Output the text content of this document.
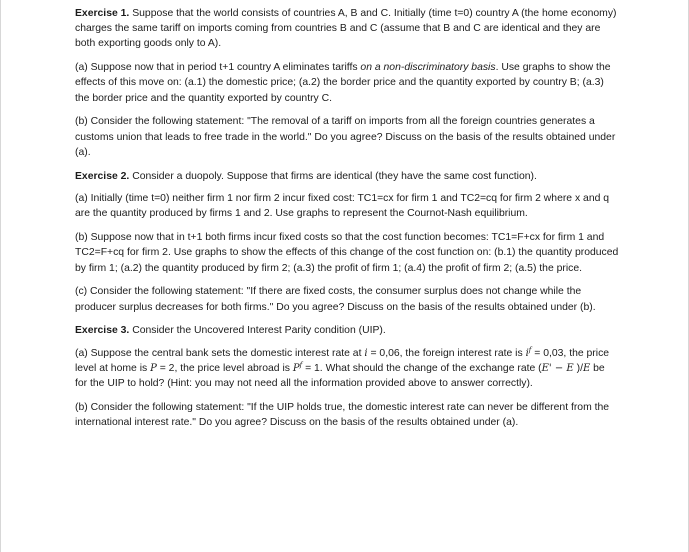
Exercise 1. Suppose that the world consists of countries A, B and C. Initially (time t=0) country A (the home economy) charges the same tariff on imports coming from countries B and C (assume that B and C are identical and they are both exporting goods only to A).

(a) Suppose now that in period t+1 country A eliminates tariffs on a non-discriminatory basis. Use graphs to show the effects of this move on: (a.1) the domestic price; (a.2) the border price and the quantity exported by country B; (a.3) the border price and the quantity exported by country C.

(b) Consider the following statement: "The removal of a tariff on imports from all the foreign countries generates a customs union that leads to free trade in the world." Do you agree? Discuss on the basis of the results obtained under (a).

Exercise 2. Consider a duopoly. Suppose that firms are identical (they have the same cost function).

(a) Initially (time t=0) neither firm 1 nor firm 2 incur fixed cost: TC1=cx for firm 1 and TC2=cq for firm 2 where x and q are the quantity produced by firms 1 and 2. Use graphs to represent the Cournot-Nash equilibrium.

(b) Suppose now that in t+1 both firms incur fixed costs so that the cost function becomes: TC1=F+cx for firm 1 and TC2=F+cq for firm 2. Use graphs to show the effects of this change of the cost function on: (b.1) the quantity produced by firm 1; (a.2) the quantity produced by firm 2; (a.3) the profit of firm 1; (a.4) the profit of firm 2; (a.5) the price.

(c) Consider the following statement: "If there are fixed costs, the consumer surplus does not change while the producer surplus decreases for both firms." Do you agree? Discuss on the basis of the results obtained under (b).

Exercise 3. Consider the Uncovered Interest Parity condition (UIP).

(a) Suppose the central bank sets the domestic interest rate at i = 0,06, the foreign interest rate is $i^f = 0,03$, the price level at home is P = 2, the price level abroad is $P^f = 1$. What should the change of the exchange rate (E' − E )/E be for the UIP to hold? (Hint: you may not need all the information provided above to answer correctly).

(b) Consider the following statement: "If the UIP holds true, the domestic interest rate can never be different from the international interest rate." Do you agree? Discuss on the basis of the results obtained under (a).
